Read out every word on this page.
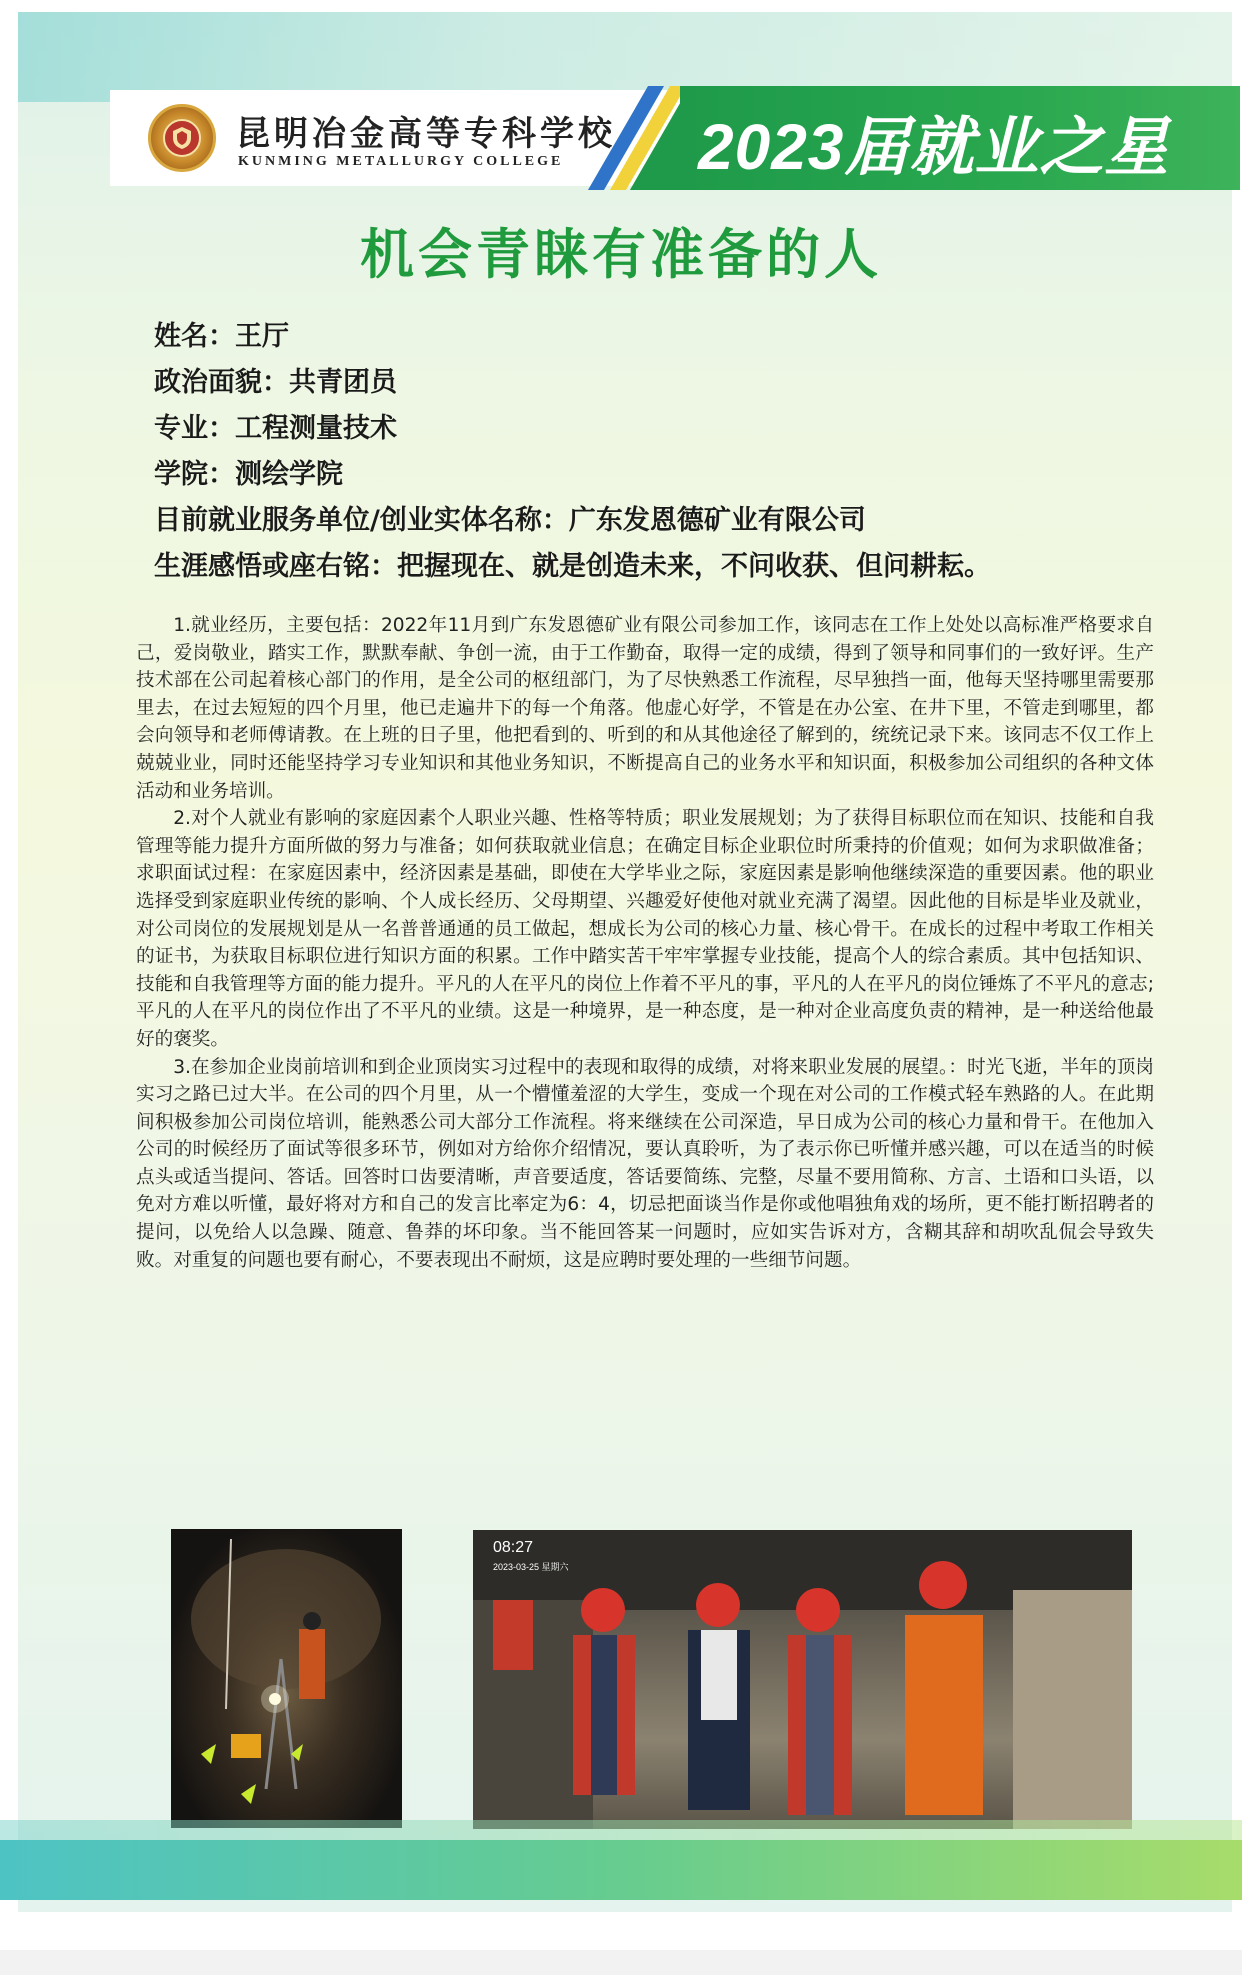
昆明冶金高等专科学校
KUNMING METALLURGY COLLEGE 2023届就业之星
机会青睐有准备的人
姓名：王厅
政治面貌：共青团员
专业：工程测量技术
学院：测绘学院
目前就业服务单位/创业实体名称：广东发恩德矿业有限公司
生涯感悟或座右铭：把握现在、就是创造未来，不问收获、但问耕耘。

1.就业经历，主要包括：2022年11月到广东发恩德矿业有限公司参加工作，该同志在工作上处处以高标准严格要求自己，爱岗敬业，踏实工作，默默奉献、争创一流，由于工作勤奋，取得一定的成绩，得到了领导和同事们的一致好评。生产技术部在公司起着核心部门的作用，是全公司的枢纽部门，为了尽快熟悉工作流程，尽早独挡一面，他每天坚持哪里需要那里去，在过去短短的四个月里，他已走遍井下的每一个角落。他虚心好学，不管是在办公室、在井下里，不管走到哪里，都会向领导和老师傅请教。在上班的日子里，他把看到的、听到的和从其他途径了解到的，统统记录下来。该同志不仅工作上兢兢业业，同时还能坚持学习专业知识和其他业务知识，不断提高自己的业务水平和知识面，积极参加公司组织的各种文体活动和业务培训。

2.对个人就业有影响的家庭因素个人职业兴趣、性格等特质；职业发展规划；为了获得目标职位而在知识、技能和自我管理等能力提升方面所做的努力与准备；如何获取就业信息；在确定目标企业职位时所秉持的价值观；如何为求职做准备；求职面试过程：在家庭因素中，经济因素是基础，即使在大学毕业之际，家庭因素是影响他继续深造的重要因素。他的职业选择受到家庭职业传统的影响、个人成长经历、父母期望、兴趣爱好使他对就业充满了渴望。因此他的目标是毕业及就业，对公司岗位的发展规划是从一名普普通通的员工做起，想成长为公司的核心力量、核心骨干。在成长的过程中考取工作相关的证书，为获取目标职位进行知识方面的积累。工作中踏实苦干牢牢掌握专业技能，提高个人的综合素质。其中包括知识、技能和自我管理等方面的能力提升。平凡的人在平凡的岗位上作着不平凡的事，平凡的人在平凡的岗位锤炼了不平凡的意志;平凡的人在平凡的岗位作出了不平凡的业绩。这是一种境界，是一种态度，是一种对企业高度负责的精神，是一种送给他最好的褒奖。

3.在参加企业岗前培训和到企业顶岗实习过程中的表现和取得的成绩，对将来职业发展的展望。：时光飞逝，半年的顶岗实习之路已过大半。在公司的四个月里，从一个懵懂羞涩的大学生，变成一个现在对公司的工作模式轻车熟路的人。在此期间积极参加公司岗位培训，能熟悉公司大部分工作流程。将来继续在公司深造，早日成为公司的核心力量和骨干。在他加入公司的时候经历了面试等很多环节，例如对方给你介绍情况，要认真聆听，为了表示你已听懂并感兴趣，可以在适当的时候点头或适当提问、答话。回答时口齿要清晰，声音要适度，答话要简练、完整，尽量不要用简称、方言、土语和口头语，以免对方难以听懂，最好将对方和自己的发言比率定为6：4，切忌把面谈当作是你或他唱独角戏的场所，更不能打断招聘者的提问，以免给人以急躁、随意、鲁莽的坏印象。当不能回答某一问题时，应如实告诉对方，含糊其辞和胡吹乱侃会导致失败。对重复的问题也要有耐心，不要表现出不耐烦，这是应聘时要处理的一些细节问题。

08:27
2023-03-25 星期六
